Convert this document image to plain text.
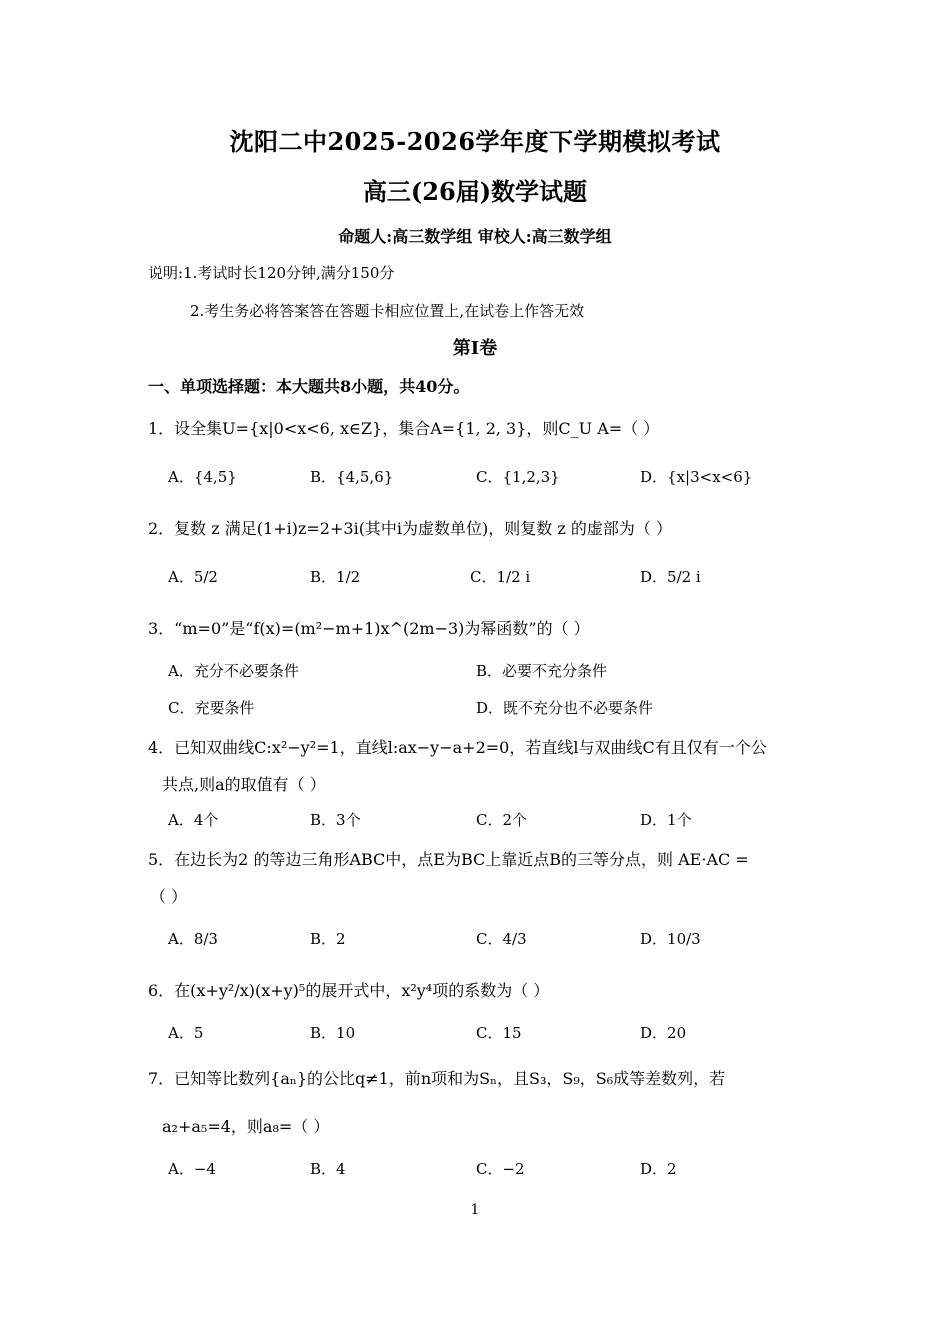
沈阳二中2025-2026学年度下学期模拟考试
高三(26届)数学试题
命题人:高三数学组 审校人:高三数学组
说明:1.考试时长120分钟,满分150分
2.考生务必将答案答在答题卡相应位置上,在试卷上作答无效
第Ⅰ卷
一、单项选择题：本大题共8小题，共40分。
1．设全集U={x|0<x<6, x∈Z}，集合A={1, 2, 3}，则C_U A=（ ）
A．{4,5}	B．{4,5,6}	C．{1,2,3}	D．{x|3<x<6}
2．复数 z 满足(1+i)z=2+3i(其中i为虚数单位)，则复数 z 的虚部为（ ）
A．5/2	B．1/2	C．1/2 i	D．5/2 i
3．“m=0”是“f(x)=(m²−m+1)x^(2m−3)为幂函数”的（ ）
A．充分不必要条件	B．必要不充分条件
C．充要条件	D．既不充分也不必要条件
4．已知双曲线C:x²−y²=1，直线l:ax−y−a+2=0，若直线l与双曲线C有且仅有一个公
共点,则a的取值有（ ）
A．4个	B．3个	C．2个	D．1个
5．在边长为2 的等边三角形ABC中，点E为BC上靠近点B的三等分点，则 AE·AC =
（ ）
A．8/3	B．2	C．4/3	D．10/3
6．在(x+y²/x)(x+y)⁵的展开式中，x²y⁴项的系数为（ ）
A．5	B．10	C．15	D．20
7．已知等比数列{aₙ}的公比q≠1，前n项和为Sₙ，且S₃，S₉，S₆成等差数列，若
a₂+a₅=4，则a₈=（ ）
A．−4	B．4	C．−2	D．2
1
